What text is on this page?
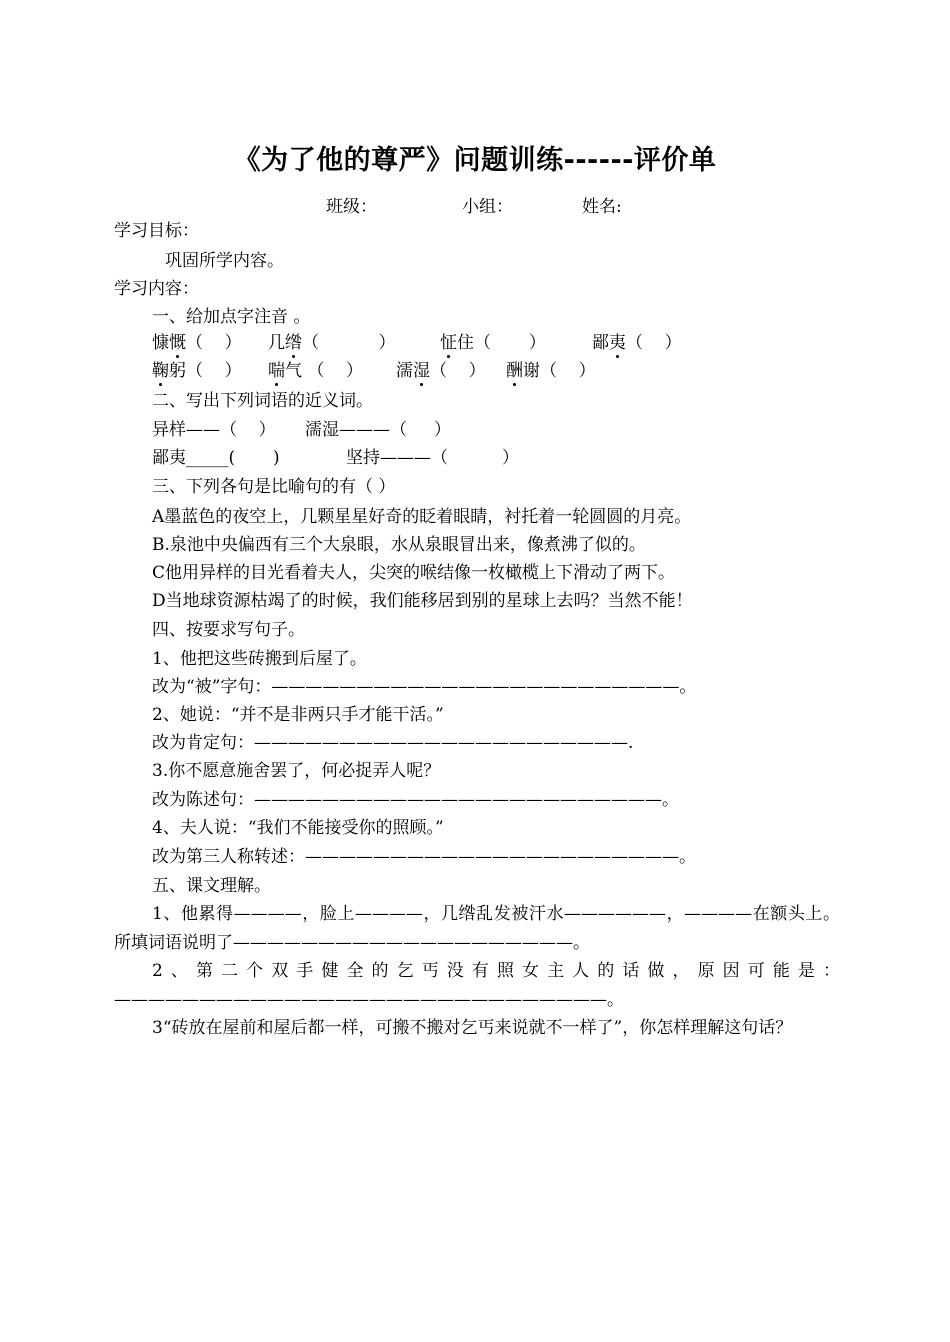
《为了他的尊严》问题训练------评价单
班级：	小组：	姓名:
学习目标：
巩固所学内容。
学习内容：
一、给加点字注音 。
慷慨（    ） 几绺（           ）	怔住（       ）	鄙夷（    ）
鞠躬（    ） 喘气 （    ） 濡湿（    ） 酬谢（    ）
二、写出下列词语的近义词。
异样——（    ） 濡湿———（     ）
鄙夷_____(       )	坚持———（          ）
三、下列各句是比喻句的有（ ）
A墨蓝色的夜空上，几颗星星好奇的眨着眼睛，衬托着一轮圆圆的月亮。
B.泉池中央偏西有三个大泉眼，水从泉眼冒出来，像煮沸了似的。
C他用异样的目光看着夫人，尖突的喉结像一枚橄榄上下滑动了两下。
D当地球资源枯竭了的时候，我们能移居到别的星球上去吗？当然不能！
四、按要求写句子。
1、他把这些砖搬到后屋了。
改为“被”字句：————————————————————————。
2、她说：“并不是非两只手才能干活。”
改为肯定句：——————————————————————.
3.你不愿意施舍罢了，何必捉弄人呢？
改为陈述句：————————————————————————。
4、夫人说：“我们不能接受你的照顾。”
改为第三人称转述：——————————————————————。
五、课文理解。
1、他累得————，脸上————，几绺乱发被汗水——————，————在额头上。所填词语说明了————————————————————。
2、第二个双手健全的乞丐没有照女主人的话做，原因可能是：—————————————————————————————。
3“砖放在屋前和屋后都一样，可搬不搬对乞丐来说就不一样了”，你怎样理解这句话？
